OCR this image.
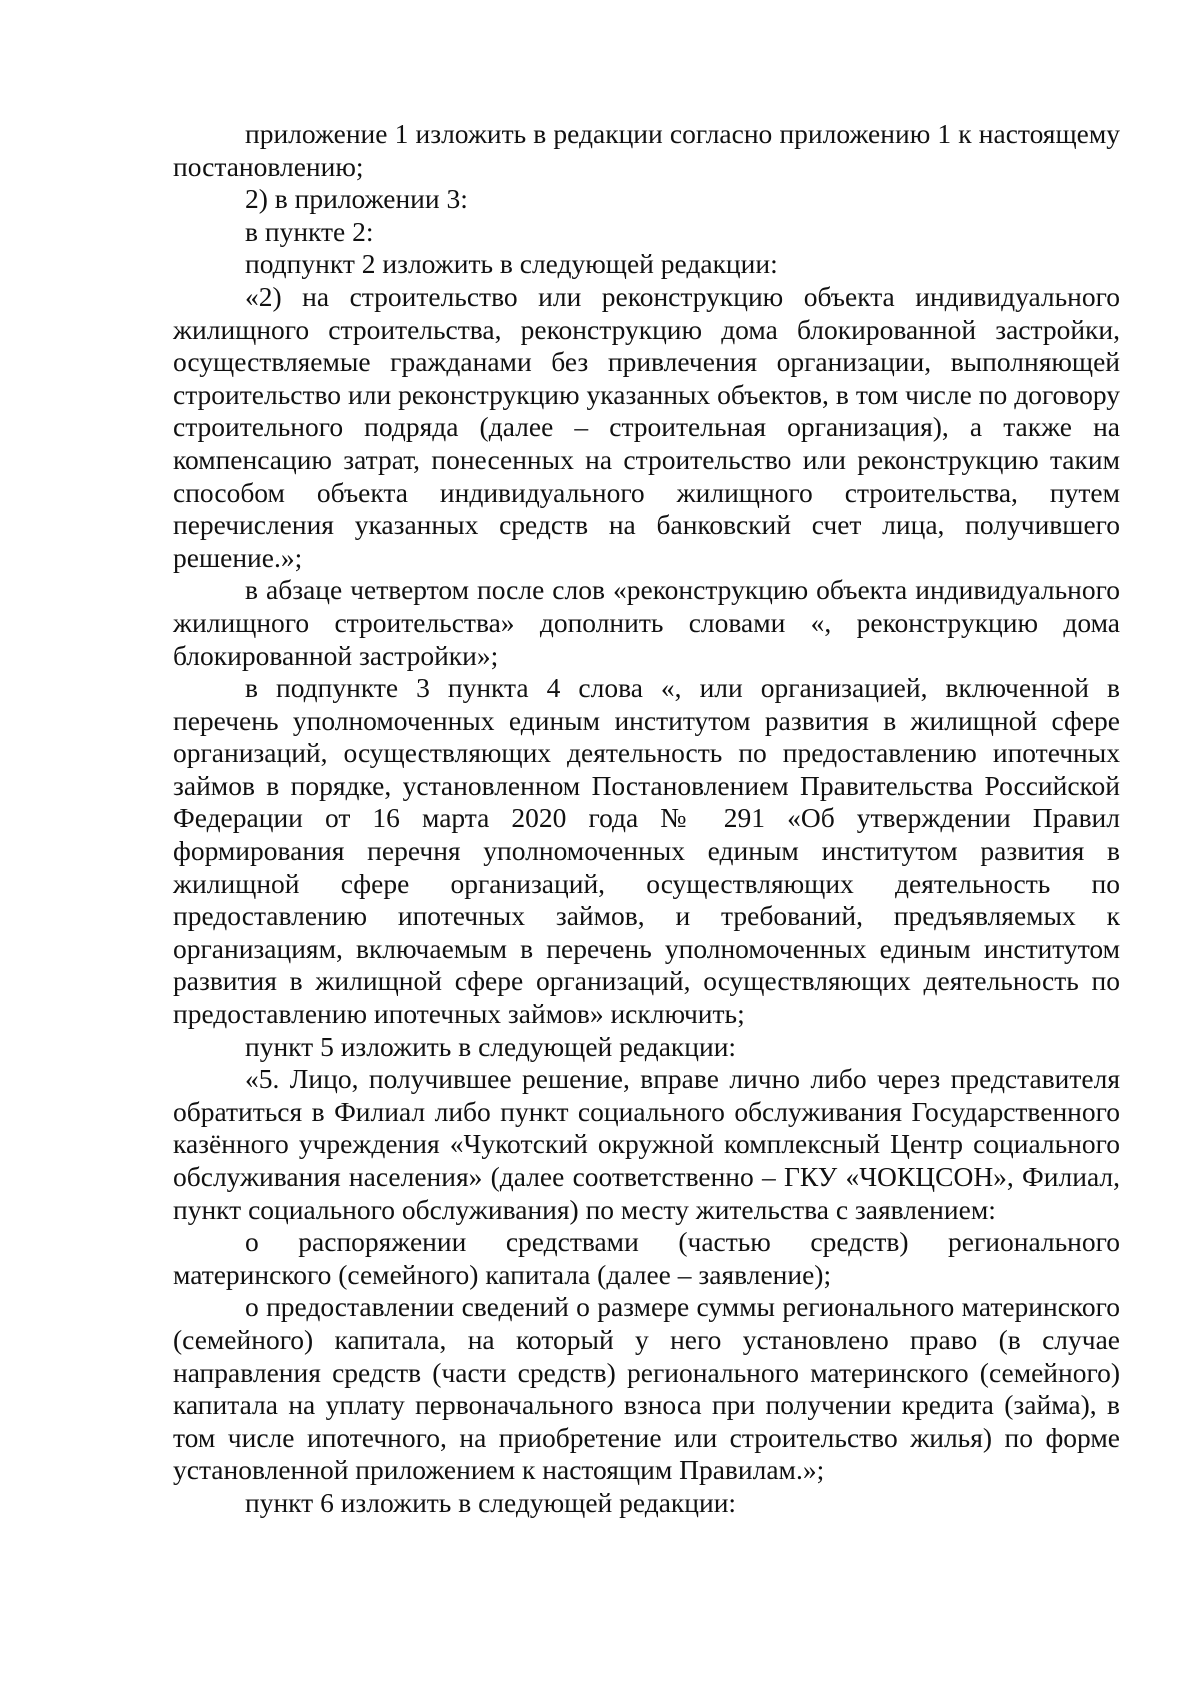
приложение 1 изложить в редакции согласно приложению 1 к настоящему постановлению;

2) в приложении 3:

в пункте 2:

подпункт 2 изложить в следующей редакции:

«2) на строительство или реконструкцию объекта индивидуального жилищного строительства, реконструкцию дома блокированной застройки, осуществляемые гражданами без привлечения организации, выполняющей строительство или реконструкцию указанных объектов, в том числе по договору строительного подряда (далее – строительная организация), а также на компенсацию затрат, понесенных на строительство или реконструкцию таким способом объекта индивидуального жилищного строительства, путем перечисления указанных средств на банковский счет лица, получившего решение.»;

в абзаце четвертом после слов «реконструкцию объекта индивидуального жилищного строительства» дополнить словами «, реконструкцию дома блокированной застройки»;

в подпункте 3 пункта 4 слова «, или организацией, включенной в перечень уполномоченных единым институтом развития в жилищной сфере организаций, осуществляющих деятельность по предоставлению ипотечных займов в порядке, установленном Постановлением Правительства Российской Федерации от 16 марта 2020 года № 291 «Об утверждении Правил формирования перечня уполномоченных единым институтом развития в жилищной сфере организаций, осуществляющих деятельность по предоставлению ипотечных займов, и требований, предъявляемых к организациям, включаемым в перечень уполномоченных единым институтом развития в жилищной сфере организаций, осуществляющих деятельность по предоставлению ипотечных займов» исключить;

пункт 5 изложить в следующей редакции:

«5. Лицо, получившее решение, вправе лично либо через представителя обратиться в Филиал либо пункт социального обслуживания Государственного казённого учреждения «Чукотский окружной комплексный Центр социального обслуживания населения» (далее соответственно – ГКУ «ЧОКЦСОН», Филиал, пункт социального обслуживания) по месту жительства с заявлением:

о распоряжении средствами (частью средств) регионального материнского (семейного) капитала (далее – заявление);

о предоставлении сведений о размере суммы регионального материнского (семейного) капитала, на который у него установлено право (в случае направления средств (части средств) регионального материнского (семейного) капитала на уплату первоначального взноса при получении кредита (займа), в том числе ипотечного, на приобретение или строительство жилья) по форме установленной приложением к настоящим Правилам.»;

пункт 6 изложить в следующей редакции:
